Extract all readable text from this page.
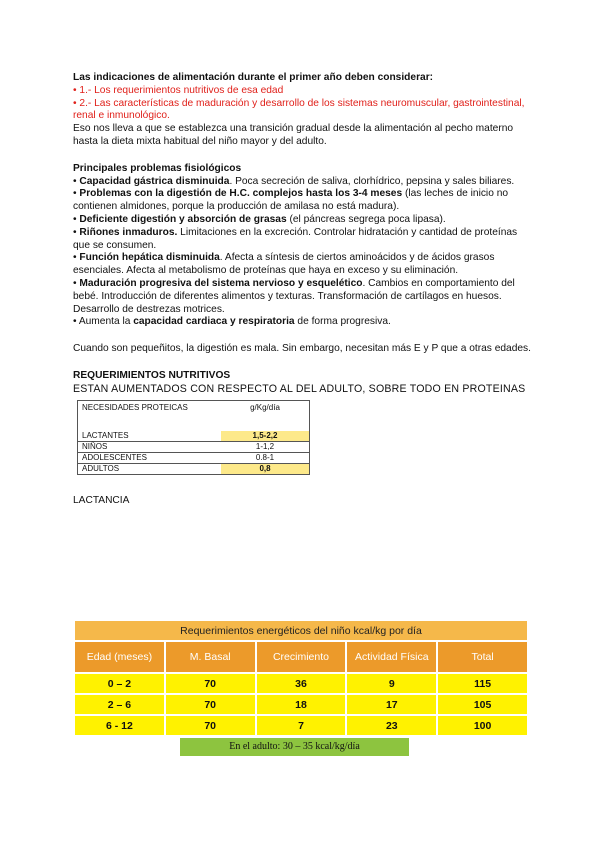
Las indicaciones de alimentación durante el primer año deben considerar:

• 1.- Los requerimientos nutritivos de esa edad

• 2.- Las características de maduración y desarrollo de los sistemas neuromuscular, gastrointestinal, renal e inmunológico.

Eso nos lleva a que se establezca una transición gradual desde la alimentación al pecho materno hasta la dieta mixta habitual del niño mayor y del adulto.

Principales problemas fisiológicos

• Capacidad gástrica disminuida. Poca secreción de saliva, clorhídrico, pepsina y sales biliares.

• Problemas con la digestión de H.C. complejos hasta los 3-4 meses (las leches de inicio no contienen almidones, porque la producción de amilasa no está madura).

• Deficiente digestión y absorción de grasas (el páncreas segrega poca lipasa).

• Riñones inmaduros. Limitaciones en la excreción. Controlar hidratación y cantidad de proteínas que se consumen.

• Función hepática disminuida. Afecta a síntesis de ciertos aminoácidos y de ácidos grasos esenciales. Afecta al metabolismo de proteínas que haya en exceso y su eliminación.

• Maduración progresiva del sistema nervioso y esquelético. Cambios en comportamiento del bebé. Introducción de diferentes alimentos y texturas. Transformación de cartílagos en huesos. Desarrollo de destrezas motrices.

• Aumenta la capacidad cardiaca y respiratoria de forma progresiva.

Cuando son pequeñitos, la digestión es mala. Sin embargo, necesitan más E y P que a otras edades.

REQUERIMIENTOS NUTRITIVOS

ESTAN AUMENTADOS CON RESPECTO AL DEL ADULTO, SOBRE TODO EN PROTEINAS

NECESIDADES PROTEICAS	g/Kg/día
LACTANTES	1,5-2,2
NIÑOS	1-1,2
ADOLESCENTES	0.8-1
ADULTOS	0,8

LACTANCIA

Requerimientos energéticos del niño kcal/kg por día				
Edad (meses)	M. Basal	Crecimiento	Actividad Física	Total
0 – 2	70	36	9	115
2 – 6	70	18	17	105
6 - 12	70	7	23	100
En el adulto: 30 – 35 kcal/kg/día
